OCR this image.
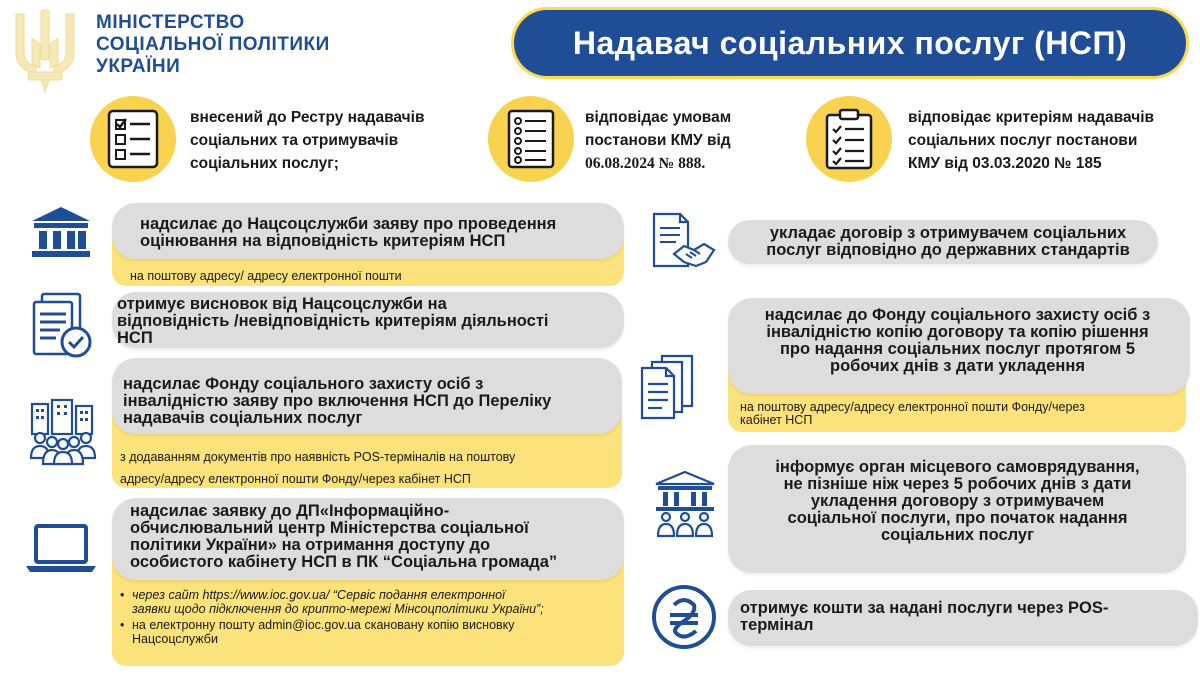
МІНІСТЕРСТВО
СОЦІАЛЬНОЇ ПОЛІТИКИ
УКРАЇНИ
Надавач соціальних послуг (НСП)
внесений до Рестру надавачів
соціальних та отримувачів
соціальних послуг;
відповідає умовам
постанови КМУ від
06.08.2024 № 888.
відповідає критеріям надавачів
соціальних послуг постанови
КМУ від 03.03.2020 № 185
надсилає до Нацсоцслужби заяву про проведення
оцінювання на відповідність критеріям НСП
на поштову адресу/ адресу електронної пошти
отримує висновок від Нацсоцслужби на
відповідність /невідповідність критеріям діяльності
НСП
надсилає Фонду соціального захисту осіб з
інвалідністю заяву про включення НСП до Переліку
надавачів соціальних послуг
з додаванням документів про наявність POS-терміналів на поштову
адресу/адресу електронної пошти Фонду/через кабінет НСП
надсилає заявку до ДП«Інформаційно-
обчислювальний центр Міністерства соціальної
політики України» на отримання доступу до
особистого кабінету НСП в ПК “Соціальна громада”
• через сайт https://www.ioc.gov.ua/ “Сервіс подання електронної
заявки щодо підключення до крипто-мережі Мінсоцполітики України”;
• на електронну пошту admin@ioc.gov.ua скановану копію висновку
Нацсоцслужби
укладає договір з отримувачем соціальних
послуг відповідно до державних стандартів
надсилає до Фонду соціального захисту осіб з
інвалідністю копію договору та копію рішення
про надання соціальних послуг протягом 5
робочих днів з дати укладення
на поштову адресу/адресу електронної пошти Фонду/через
кабінет НСП
інформує орган місцевого самоврядування,
не пізніше ніж через 5 робочих днів з дати
укладення договору з отримувачем
соціальної послуги, про початок надання
соціальних послуг
отримує кошти за надані послуги через POS-
термінал
